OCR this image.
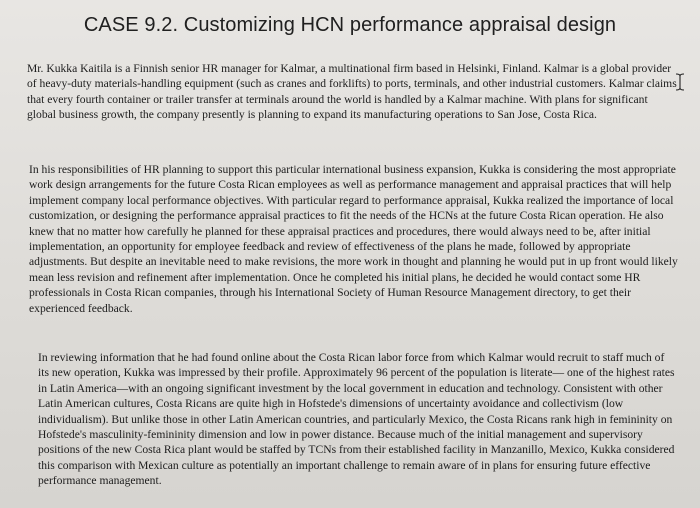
CASE 9.2. Customizing HCN performance appraisal design

Mr. Kukka Kaitila is a Finnish senior HR manager for Kalmar, a multinational firm based in Helsinki, Finland. Kalmar is a global provider of heavy-duty materials-handling equipment (such as cranes and forklifts) to ports, terminals, and other industrial customers. Kalmar claims that every fourth container or trailer transfer at terminals around the world is handled by a Kalmar machine. With plans for significant global business growth, the company presently is planning to expand its manufacturing operations to San Jose, Costa Rica.

In his responsibilities of HR planning to support this particular international business expansion, Kukka is considering the most appropriate work design arrangements for the future Costa Rican employees as well as performance management and appraisal practices that will help implement company local performance objectives. With particular regard to performance appraisal, Kukka realized the importance of local customization, or designing the performance appraisal practices to fit the needs of the HCNs at the future Costa Rican operation. He also knew that no matter how carefully he planned for these appraisal practices and procedures, there would always need to be, after initial implementation, an opportunity for employee feedback and review of effectiveness of the plans he made, followed by appropriate adjustments. But despite an inevitable need to make revisions, the more work in thought and planning he would put in up front would likely mean less revision and refinement after implementation. Once he completed his initial plans, he decided he would contact some HR professionals in Costa Rican companies, through his International Society of Human Resource Management directory, to get their experienced feedback.

In reviewing information that he had found online about the Costa Rican labor force from which Kalmar would recruit to staff much of its new operation, Kukka was impressed by their profile. Approximately 96 percent of the population is literate— one of the highest rates in Latin America—with an ongoing significant investment by the local government in education and technology. Consistent with other Latin American cultures, Costa Ricans are quite high in Hofstede's dimensions of uncertainty avoidance and collectivism (low individualism). But unlike those in other Latin American countries, and particularly Mexico, the Costa Ricans rank high in femininity on Hofstede's masculinity-femininity dimension and low in power distance. Because much of the initial management and supervisory positions of the new Costa Rica plant would be staffed by TCNs from their established facility in Manzanillo, Mexico, Kukka considered this comparison with Mexican culture as potentially an important challenge to remain aware of in plans for ensuring future effective performance management.
